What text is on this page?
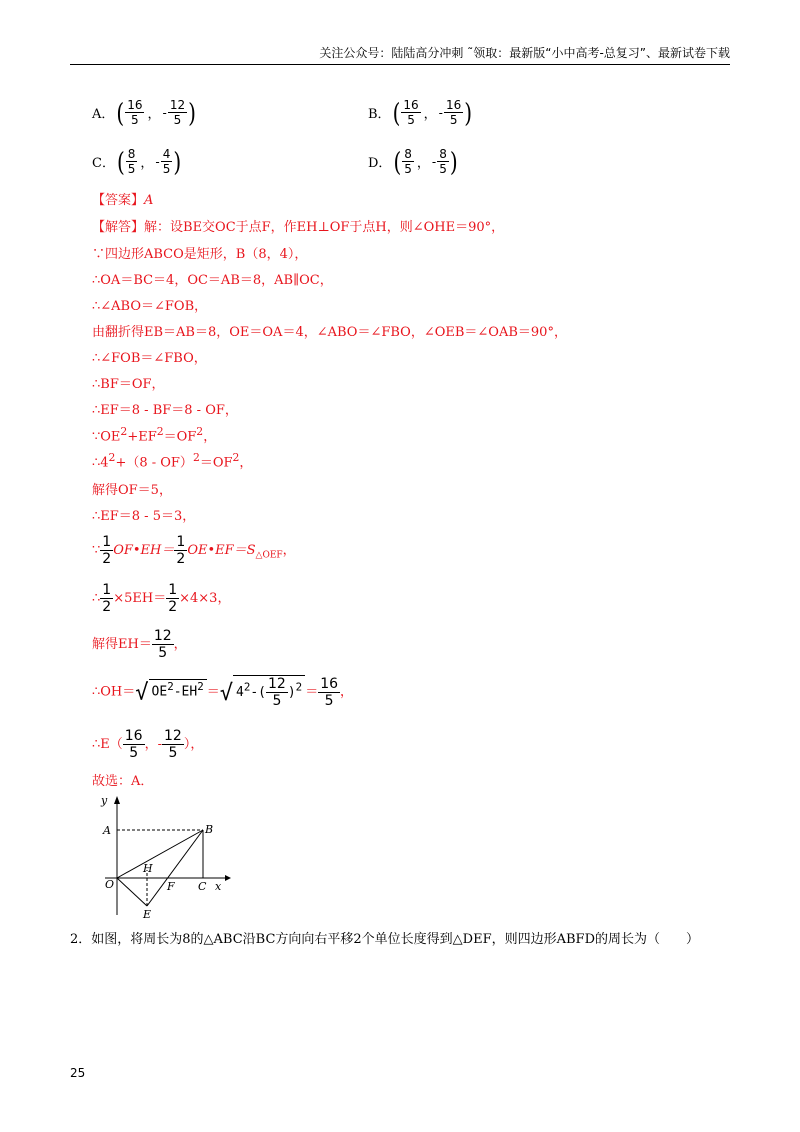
关注公众号：陆陆高分冲刺 ˜领取：最新版“小中高考-总复习”、最新试卷下载
A． ( $\frac{16}{5}$ ， - $\frac{12}{5}$ )	B． ( $\frac{16}{5}$ ， - $\frac{16}{5}$ )
C． ( $\frac{8}{5}$ ， - $\frac{4}{5}$ )	D． ( $\frac{8}{5}$ ， - $\frac{8}{5}$ )
【答案】A
【解答】解：设BE交OC于点F，作EH⊥OF于点H，则∠OHE＝90°，
∵四边形ABCO是矩形，B（8，4），
∴OA＝BC＝4，OC＝AB＝8，AB∥OC，
∴∠ABO＝∠FOB，
由翻折得EB＝AB＝8，OE＝OA＝4，∠ABO＝∠FBO，∠OEB＝∠OAB＝90°，
∴∠FOB＝∠FBO，
∴BF＝OF，
∴EF＝8 - BF＝8 - OF，
$\because OE^2+EF^2=OF^2$，
$\therefore 4^2+(8 - OF)^2=OF^2$，
解得OF＝5，
∴EF＝8 - 5＝3，
∵ $\frac{1}{2}$ OF•EH＝ $\frac{1}{2}$ $OE•EF=S_{\triangle OEF}$，
∴ $\frac{1}{2} \times 5EH= \frac{1}{2} \times 4\times 3$，
解得$EH= \frac{12}{5}$ ，
∴OH＝√ $OE^2-EH^2$ ＝√ $4^2-( \frac{12}{5} )^2 = \frac{16}{5}$ ，
∴E（ $\frac{16}{5}$ ，- $\frac{12}{5}$ ），
故选：A．
y
A	B
H
O	F C x
E
2．如图，将周长为8的△ABC沿BC方向向右平移2个单位长度得到△DEF，则四边形ABFD的周长为（　　）
25
